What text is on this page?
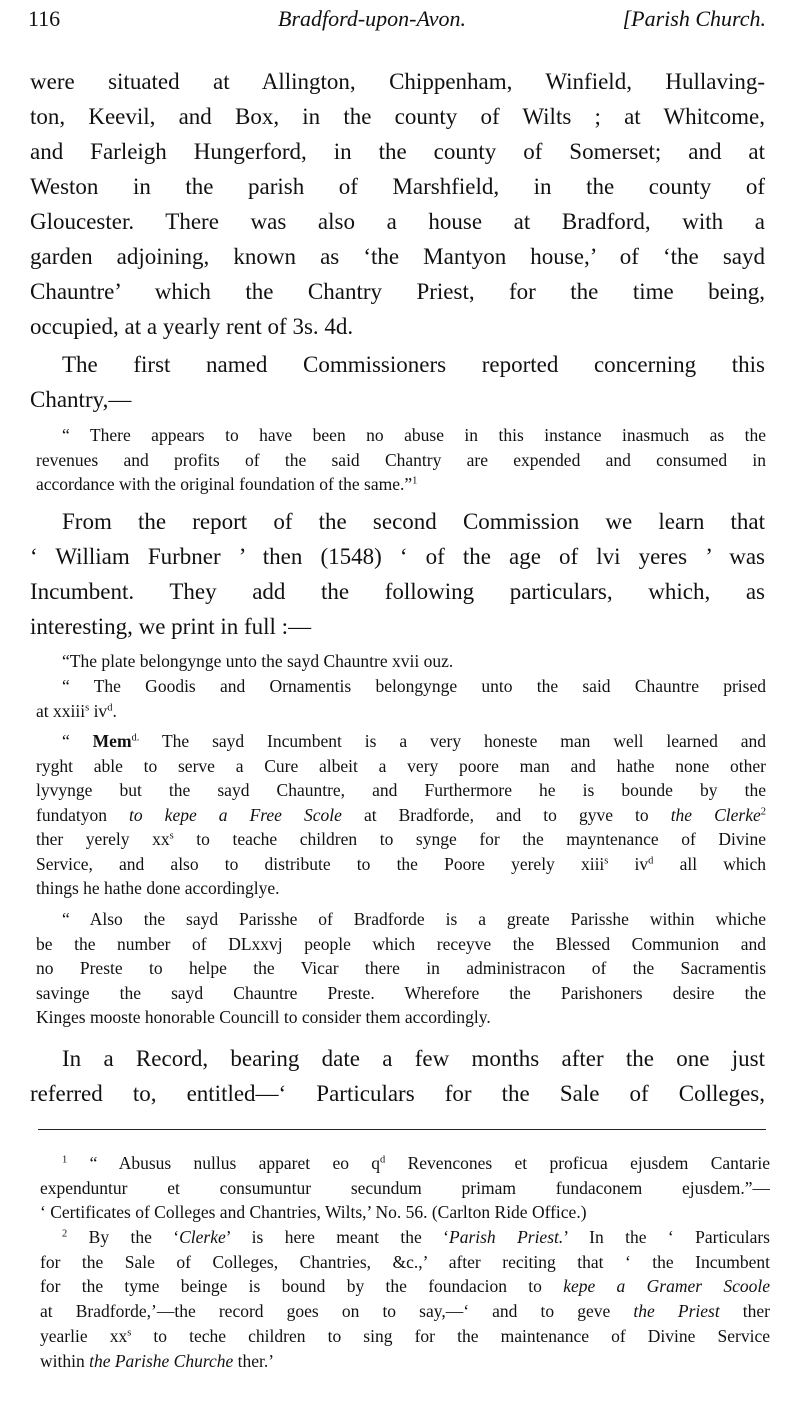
116	Bradford-upon-Avon.	[Parish Church.
were situated at Allington, Chippenham, Winfield, Hullaving-
ton, Keevil, and Box, in the county of Wilts ; at Whitcome,
and Farleigh Hungerford, in the county of Somerset; and at
Weston in the parish of Marshfield, in the county of
Gloucester. There was also a house at Bradford, with a
garden adjoining, known as ‘the Mantyon house,’ of ‘the sayd
Chauntre’ which the Chantry Priest, for the time being,
occupied, at a yearly rent of 3s. 4d.
The first named Commissioners reported concerning this
Chantry,—
“ There appears to have been no abuse in this instance inasmuch as the
revenues and profits of the said Chantry are expended and consumed in
accordance with the original foundation of the same.”$^1$
From the report of the second Commission we learn that
‘ William Furbner ’ then (1548) ‘ of the age of lvi yeres ’ was
Incumbent. They add the following particulars, which, as
interesting, we print in full :—
“The plate belongynge unto the sayd Chauntre xvii ouz.
“ The Goodis and Ornamentis belongynge unto the said Chauntre prised
at xxiii$^s$ $iv^d$.
“ Mem$^{d.}$ The sayd Incumbent is a very honeste man well learned and
ryght able to serve a Cure albeit a very poore man and hathe none other
lyvynge but the sayd Chauntre, and Furthermore he is bounde by the
fundatyon to kepe a Free Scole at Bradforde, and to gyve to the Clerke$^2$
ther yerely $xx^s$ to teache children to synge for the mayntenance of Divine
Service, and also to distribute to the Poore yerely xiii$^s$ $iv^d$ all which
things he hathe done accordinglye.
“ Also the sayd Parisshe of Bradforde is a greate Parisshe within whiche
be the number of DLxxvj people which receyve the Blessed Communion and
no Preste to helpe the Vicar there in administracon of the Sacramentis
savinge the sayd Chauntre Preste. Wherefore the Parishoners desire the
Kinges mooste honorable Councill to consider them accordingly.
In a Record, bearing date a few months after the one just
referred to, entitled—‘ Particulars for the Sale of Colleges,
$^1$ “ Abusus nullus apparet eo $q^d$ Revencones et proficua ejusdem Cantarie
expenduntur et consumuntur secundum primam fundaconem ejusdem.”—
‘ Certificates of Colleges and Chantries, Wilts,’ No. 56. (Carlton Ride Office.)
$^2$ By the ‘Clerke’ is here meant the ‘Parish Priest.’ In the ‘ Particulars
for the Sale of Colleges, Chantries, &c.,’ after reciting that ‘ the Incumbent
for the tyme beinge is bound by the foundacion to kepe a Gramer Scoole
at Bradforde,’—the record goes on to say,—‘ and to geve the Priest ther
yearlie $xx^s$ to teche children to sing for the maintenance of Divine Service
within the Parishe Churche ther.’
